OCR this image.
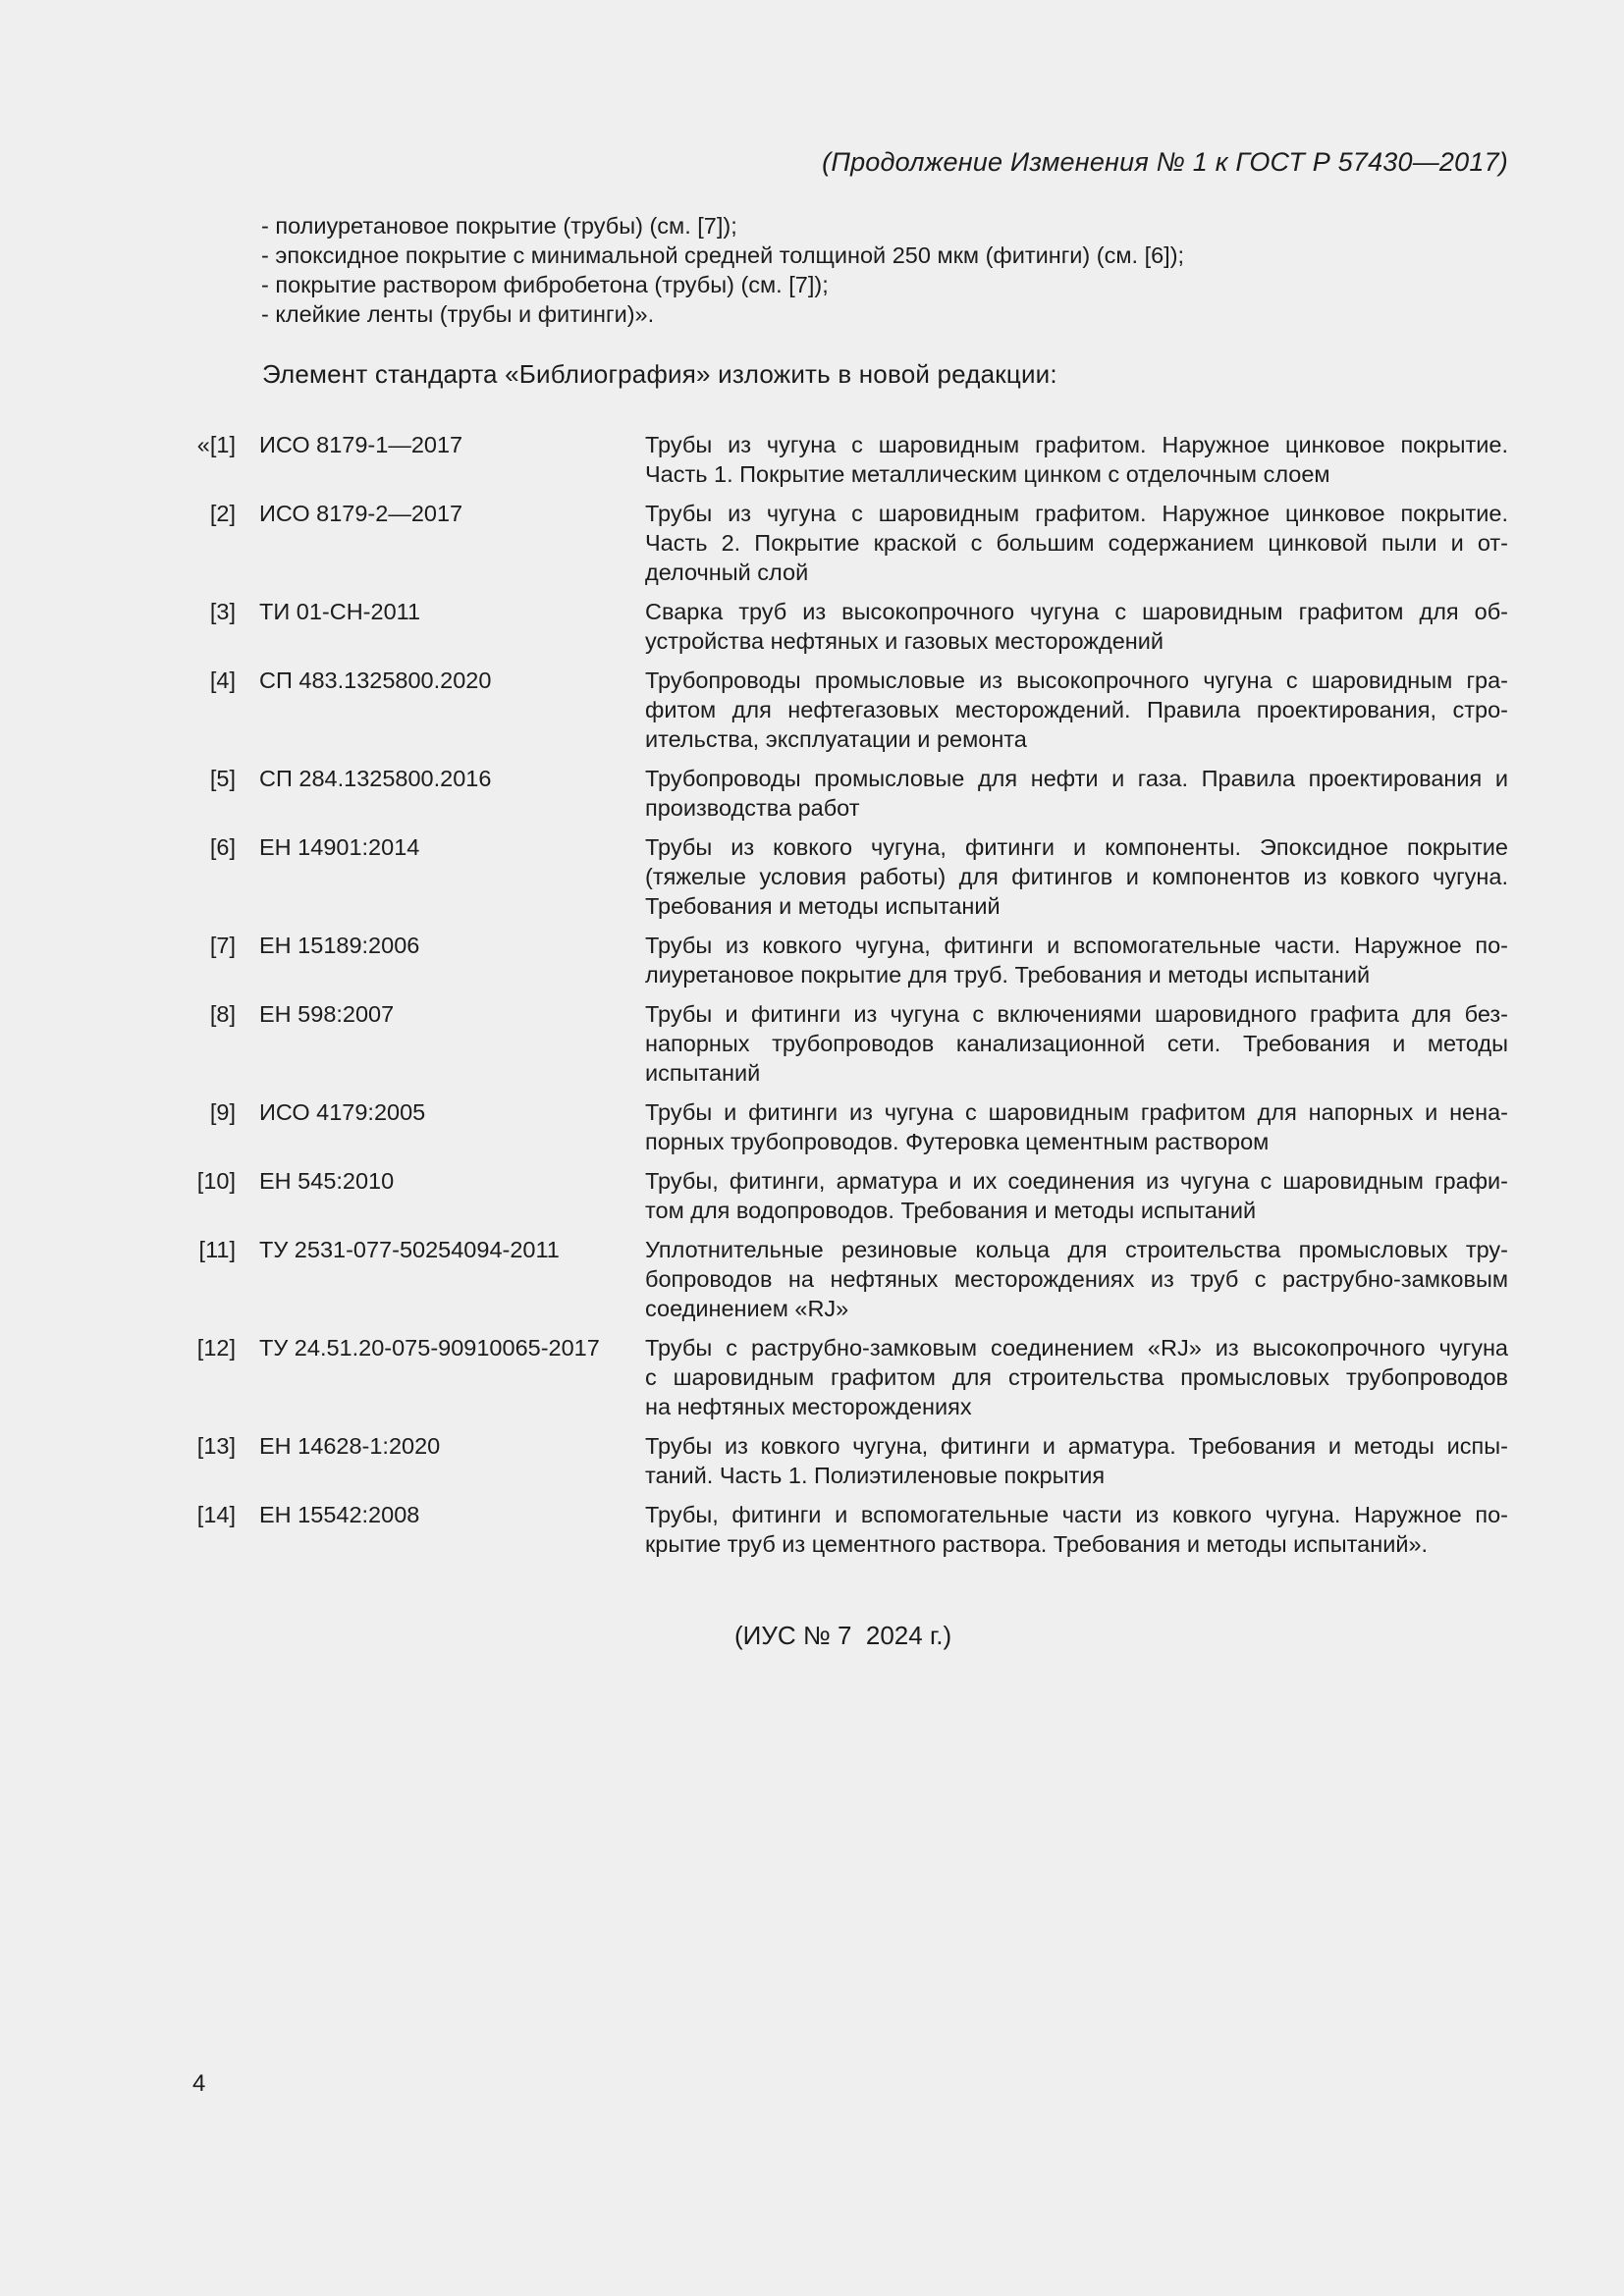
(Продолжение Изменения № 1 к ГОСТ Р 57430—2017)
- полиуретановое покрытие (трубы) (см. [7]);
- эпоксидное покрытие с минимальной средней толщиной 250 мкм (фитинги) (см. [6]);
- покрытие раствором фибробетона (трубы) (см. [7]);
- клейкие ленты (трубы и фитинги)».
Элемент стандарта «Библиография» изложить в новой редакции:
«[1] ИСО 8179-1—2017	Трубы из чугуна с шаровидным графитом. Наружное цинковое покрытие.
Часть 1. Покрытие металлическим цинком с отделочным слоем
[2] ИСО 8179-2—2017	Трубы из чугуна с шаровидным графитом. Наружное цинковое покрытие.
Часть 2. Покрытие краской с большим содержанием цинковой пыли и от-
делочный слой
[3] ТИ 01-СН-2011	Сварка труб из высокопрочного чугуна с шаровидным графитом для об-
устройства нефтяных и газовых месторождений
[4] СП 483.1325800.2020	Трубопроводы промысловые из высокопрочного чугуна с шаровидным гра-
фитом для нефтегазовых месторождений. Правила проектирования, стро-
ительства, эксплуатации и ремонта
[5] СП 284.1325800.2016	Трубопроводы промысловые для нефти и газа. Правила проектирования и
производства работ
[6] ЕН 14901:2014	Трубы из ковкого чугуна, фитинги и компоненты. Эпоксидное покрытие
(тяжелые условия работы) для фитингов и компонентов из ковкого чугуна.
Требования и методы испытаний
[7] ЕН 15189:2006	Трубы из ковкого чугуна, фитинги и вспомогательные части. Наружное по-
лиуретановое покрытие для труб. Требования и методы испытаний
[8] ЕН 598:2007	Трубы и фитинги из чугуна с включениями шаровидного графита для без-
напорных трубопроводов канализационной сети. Требования и методы
испытаний
[9] ИСО 4179:2005	Трубы и фитинги из чугуна с шаровидным графитом для напорных и нена-
порных трубопроводов. Футеровка цементным раствором
[10] ЕН 545:2010	Трубы, фитинги, арматура и их соединения из чугуна с шаровидным графи-
том для водопроводов. Требования и методы испытаний
[11] ТУ 2531-077-50254094-2011	Уплотнительные резиновые кольца для строительства промысловых тру-
бопроводов на нефтяных месторождениях из труб с раструбно-замковым
соединением «RJ»
[12] ТУ 24.51.20-075-90910065-2017 Трубы с раструбно-замковым соединением «RJ» из высокопрочного чугуна
с шаровидным графитом для строительства промысловых трубопроводов
на нефтяных месторождениях
[13] ЕН 14628-1:2020	Трубы из ковкого чугуна, фитинги и арматура. Требования и методы испы-
таний. Часть 1. Полиэтиленовые покрытия
[14] ЕН 15542:2008	Трубы, фитинги и вспомогательные части из ковкого чугуна. Наружное по-
крытие труб из цементного раствора. Требования и методы испытаний».
(ИУС № 7  2024 г.)
4
